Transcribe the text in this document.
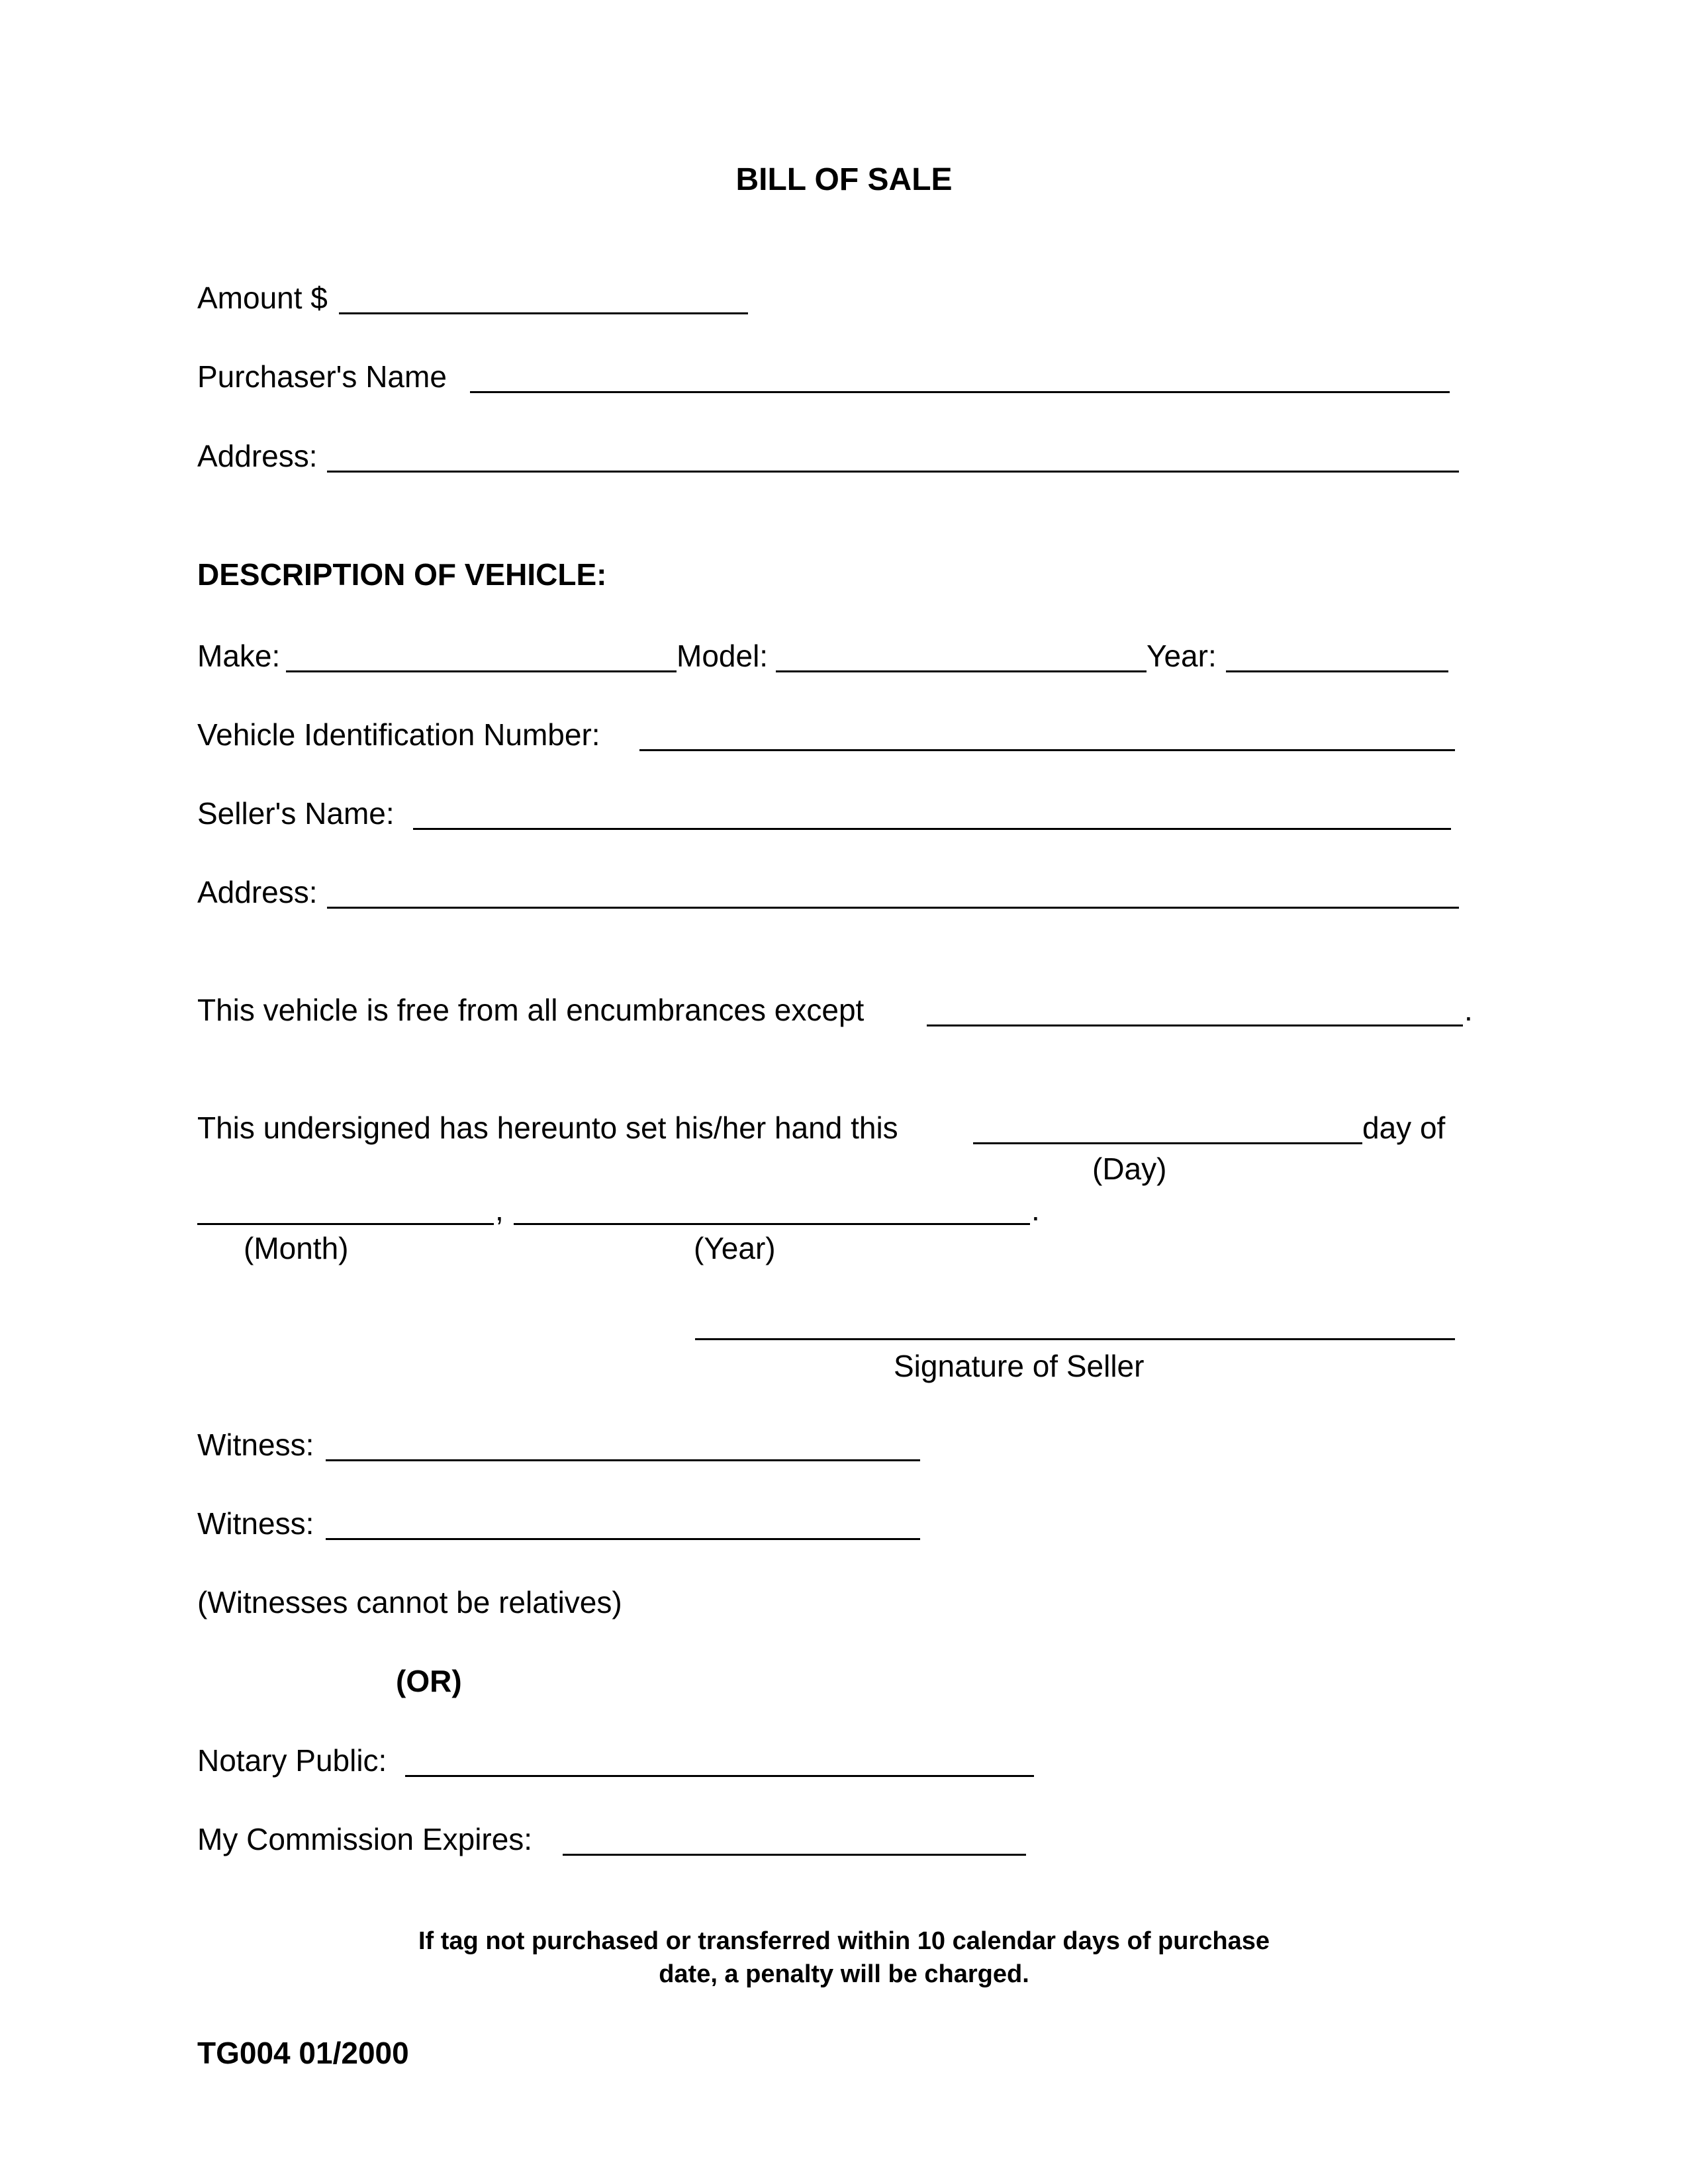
BILL OF SALE
Amount $
Purchaser's Name
Address:
DESCRIPTION OF VEHICLE:
Make:	Model:	Year:
Vehicle Identification Number:
Seller's Name:
Address:
This vehicle is free from all encumbrances except	.
This undersigned has hereunto set his/her hand this	day of
(Day)
,	.
(Month)	(Year)
Signature of Seller
Witness:
Witness:
(Witnesses cannot be relatives)
(OR)
Notary Public:
My Commission Expires:
If tag not purchased or transferred within 10 calendar days of purchase
date, a penalty will be charged.
TG004 01/2000
